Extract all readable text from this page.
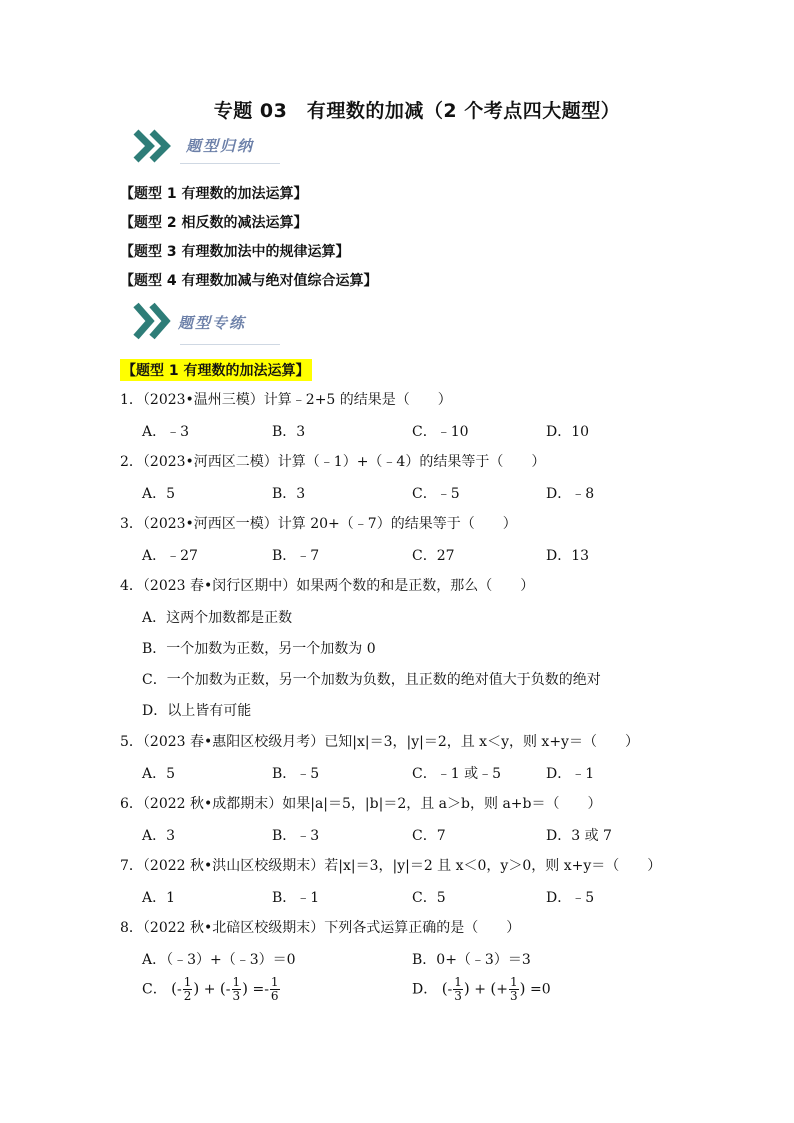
专题 03　有理数的加减（2 个考点四大题型）
题型归纳
【题型 1 有理数的加法运算】
【题型 2 相反数的减法运算】
【题型 3 有理数加法中的规律运算】
【题型 4 有理数加减与绝对值综合运算】
题型专练
【题型 1 有理数的加法运算】
1．（2023•温州三模）计算﹣2+5 的结果是（　　）
A．﹣3	B．3	C．﹣10	D．10
2．（2023•河西区二模）计算（﹣1）+（﹣4）的结果等于（　　）
A．5	B．3	C．﹣5	D．﹣8
3．（2023•河西区一模）计算 20+（﹣7）的结果等于（　　）
A．﹣27	B．﹣7	C．27	D．13
4．（2023 春•闵行区期中）如果两个数的和是正数，那么（　　）
A．这两个加数都是正数
B．一个加数为正数，另一个加数为 0
C．一个加数为正数，另一个加数为负数，且正数的绝对值大于负数的绝对
D．以上皆有可能
5．（2023 春•惠阳区校级月考）已知|x|＝3，|y|＝2，且 x＜y，则 x+y＝（　　）
A．5	B．﹣5	C．﹣1 或﹣5	D．﹣1
6．（2022 秋•成都期末）如果|a|＝5，|b|＝2，且 a＞b，则 a+b＝（　　）
A．3	B．﹣3	C．7	D．3 或 7
7．（2022 秋•洪山区校级期末）若|x|＝3，|y|＝2 且 x＜0，y＞0，则 x+y＝（　　）
A．1	B．﹣1	C．5	D．﹣5
8．（2022 秋•北碚区校级期末）下列各式运算正确的是（　　）
A．（﹣3）+（﹣3）＝0	B．0+（﹣3）＝3
C． (- $\frac{1}{2}$ ) + (- $\frac{1}{3}$ ) =- $\frac{1}{6}$	D． (- $\frac{1}{3}$ ) + (+ $\frac{1}{3}$ ) =0
